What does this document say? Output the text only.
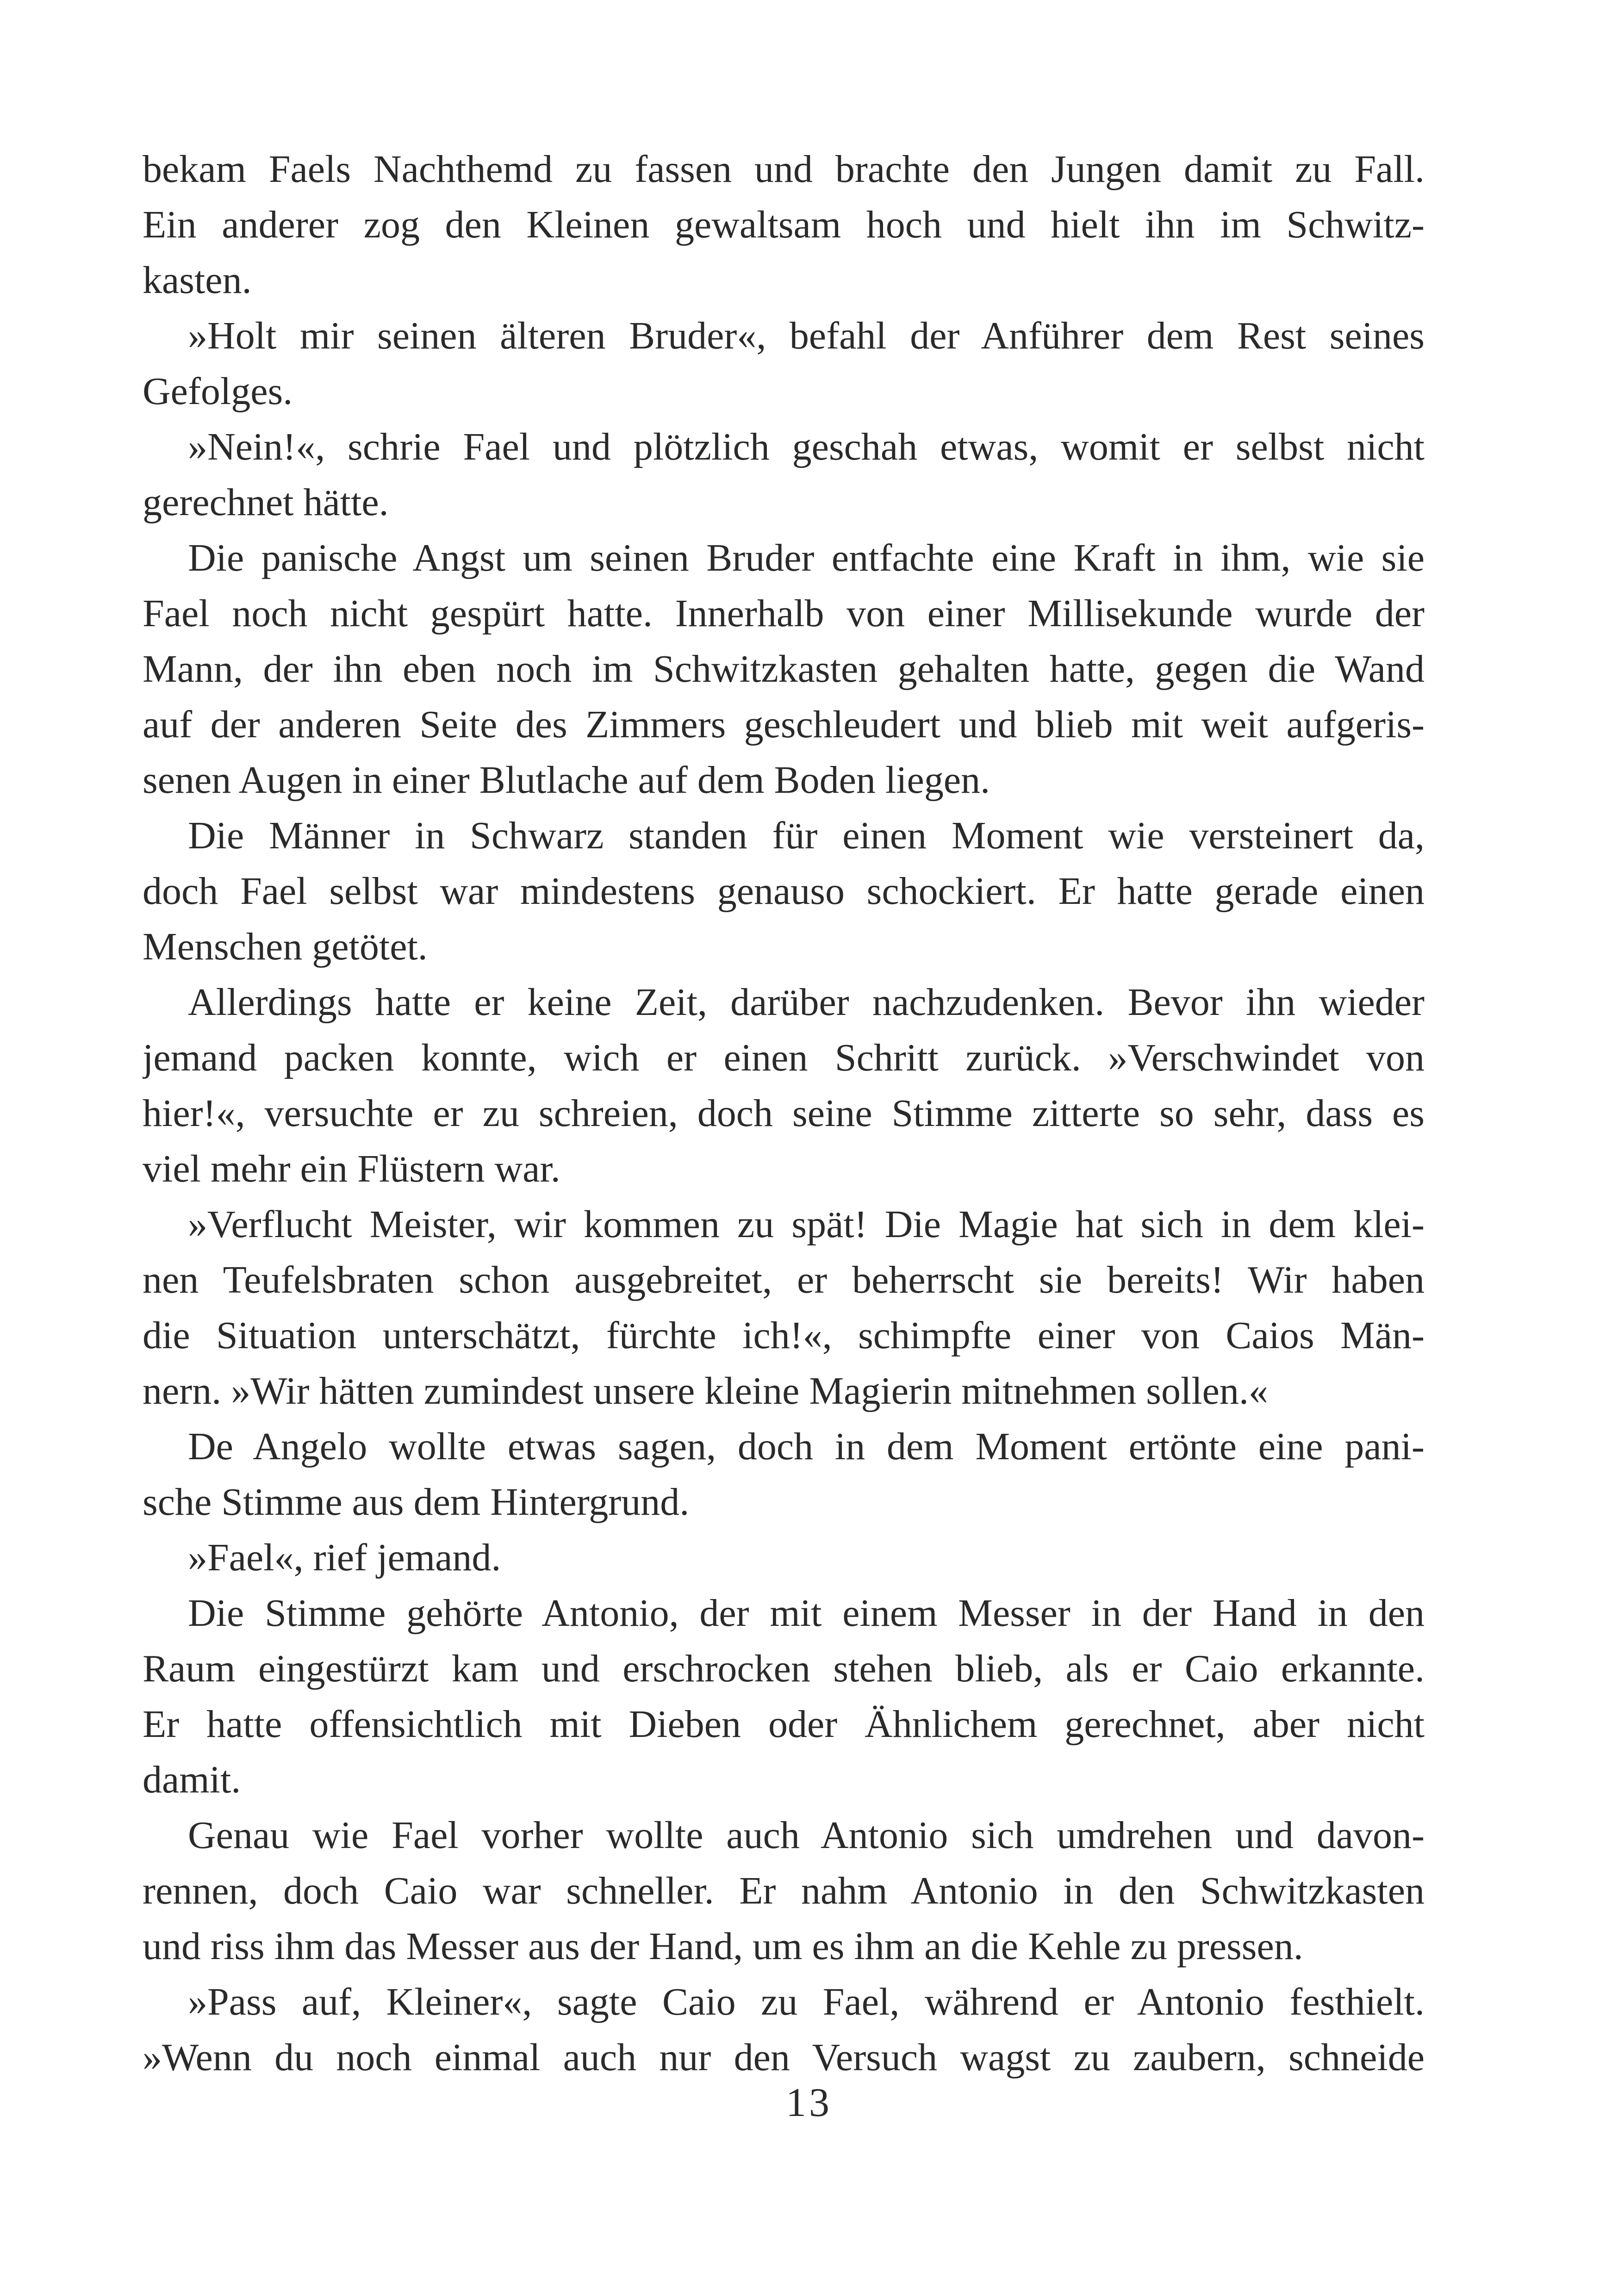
bekam Faels Nachthemd zu fassen und brachte den Jungen damit zu Fall.
Ein anderer zog den Kleinen gewaltsam hoch und hielt ihn im Schwitz-
kasten.
»Holt mir seinen älteren Bruder«, befahl der Anführer dem Rest seines
Gefolges.
»Nein!«, schrie Fael und plötzlich geschah etwas, womit er selbst nicht
gerechnet hätte.
Die panische Angst um seinen Bruder entfachte eine Kraft in ihm, wie sie
Fael noch nicht gespürt hatte. Innerhalb von einer Millisekunde wurde der
Mann, der ihn eben noch im Schwitzkasten gehalten hatte, gegen die Wand
auf der anderen Seite des Zimmers geschleudert und blieb mit weit aufgeris-
senen Augen in einer Blutlache auf dem Boden liegen.
Die Männer in Schwarz standen für einen Moment wie versteinert da,
doch Fael selbst war mindestens genauso schockiert. Er hatte gerade einen
Menschen getötet.
Allerdings hatte er keine Zeit, darüber nachzudenken. Bevor ihn wieder
jemand packen konnte, wich er einen Schritt zurück. »Verschwindet von
hier!«, versuchte er zu schreien, doch seine Stimme zitterte so sehr, dass es
viel mehr ein Flüstern war.
»Verflucht Meister, wir kommen zu spät! Die Magie hat sich in dem klei-
nen Teufelsbraten schon ausgebreitet, er beherrscht sie bereits! Wir haben
die Situation unterschätzt, fürchte ich!«, schimpfte einer von Caios Män-
nern. »Wir hätten zumindest unsere kleine Magierin mitnehmen sollen.«
De Angelo wollte etwas sagen, doch in dem Moment ertönte eine pani-
sche Stimme aus dem Hintergrund.
»Fael«, rief jemand.
Die Stimme gehörte Antonio, der mit einem Messer in der Hand in den
Raum eingestürzt kam und erschrocken stehen blieb, als er Caio erkannte.
Er hatte offensichtlich mit Dieben oder Ähnlichem gerechnet, aber nicht
damit.
Genau wie Fael vorher wollte auch Antonio sich umdrehen und davon-
rennen, doch Caio war schneller. Er nahm Antonio in den Schwitzkasten
und riss ihm das Messer aus der Hand, um es ihm an die Kehle zu pressen.
»Pass auf, Kleiner«, sagte Caio zu Fael, während er Antonio festhielt.
»Wenn du noch einmal auch nur den Versuch wagst zu zaubern, schneide
13
